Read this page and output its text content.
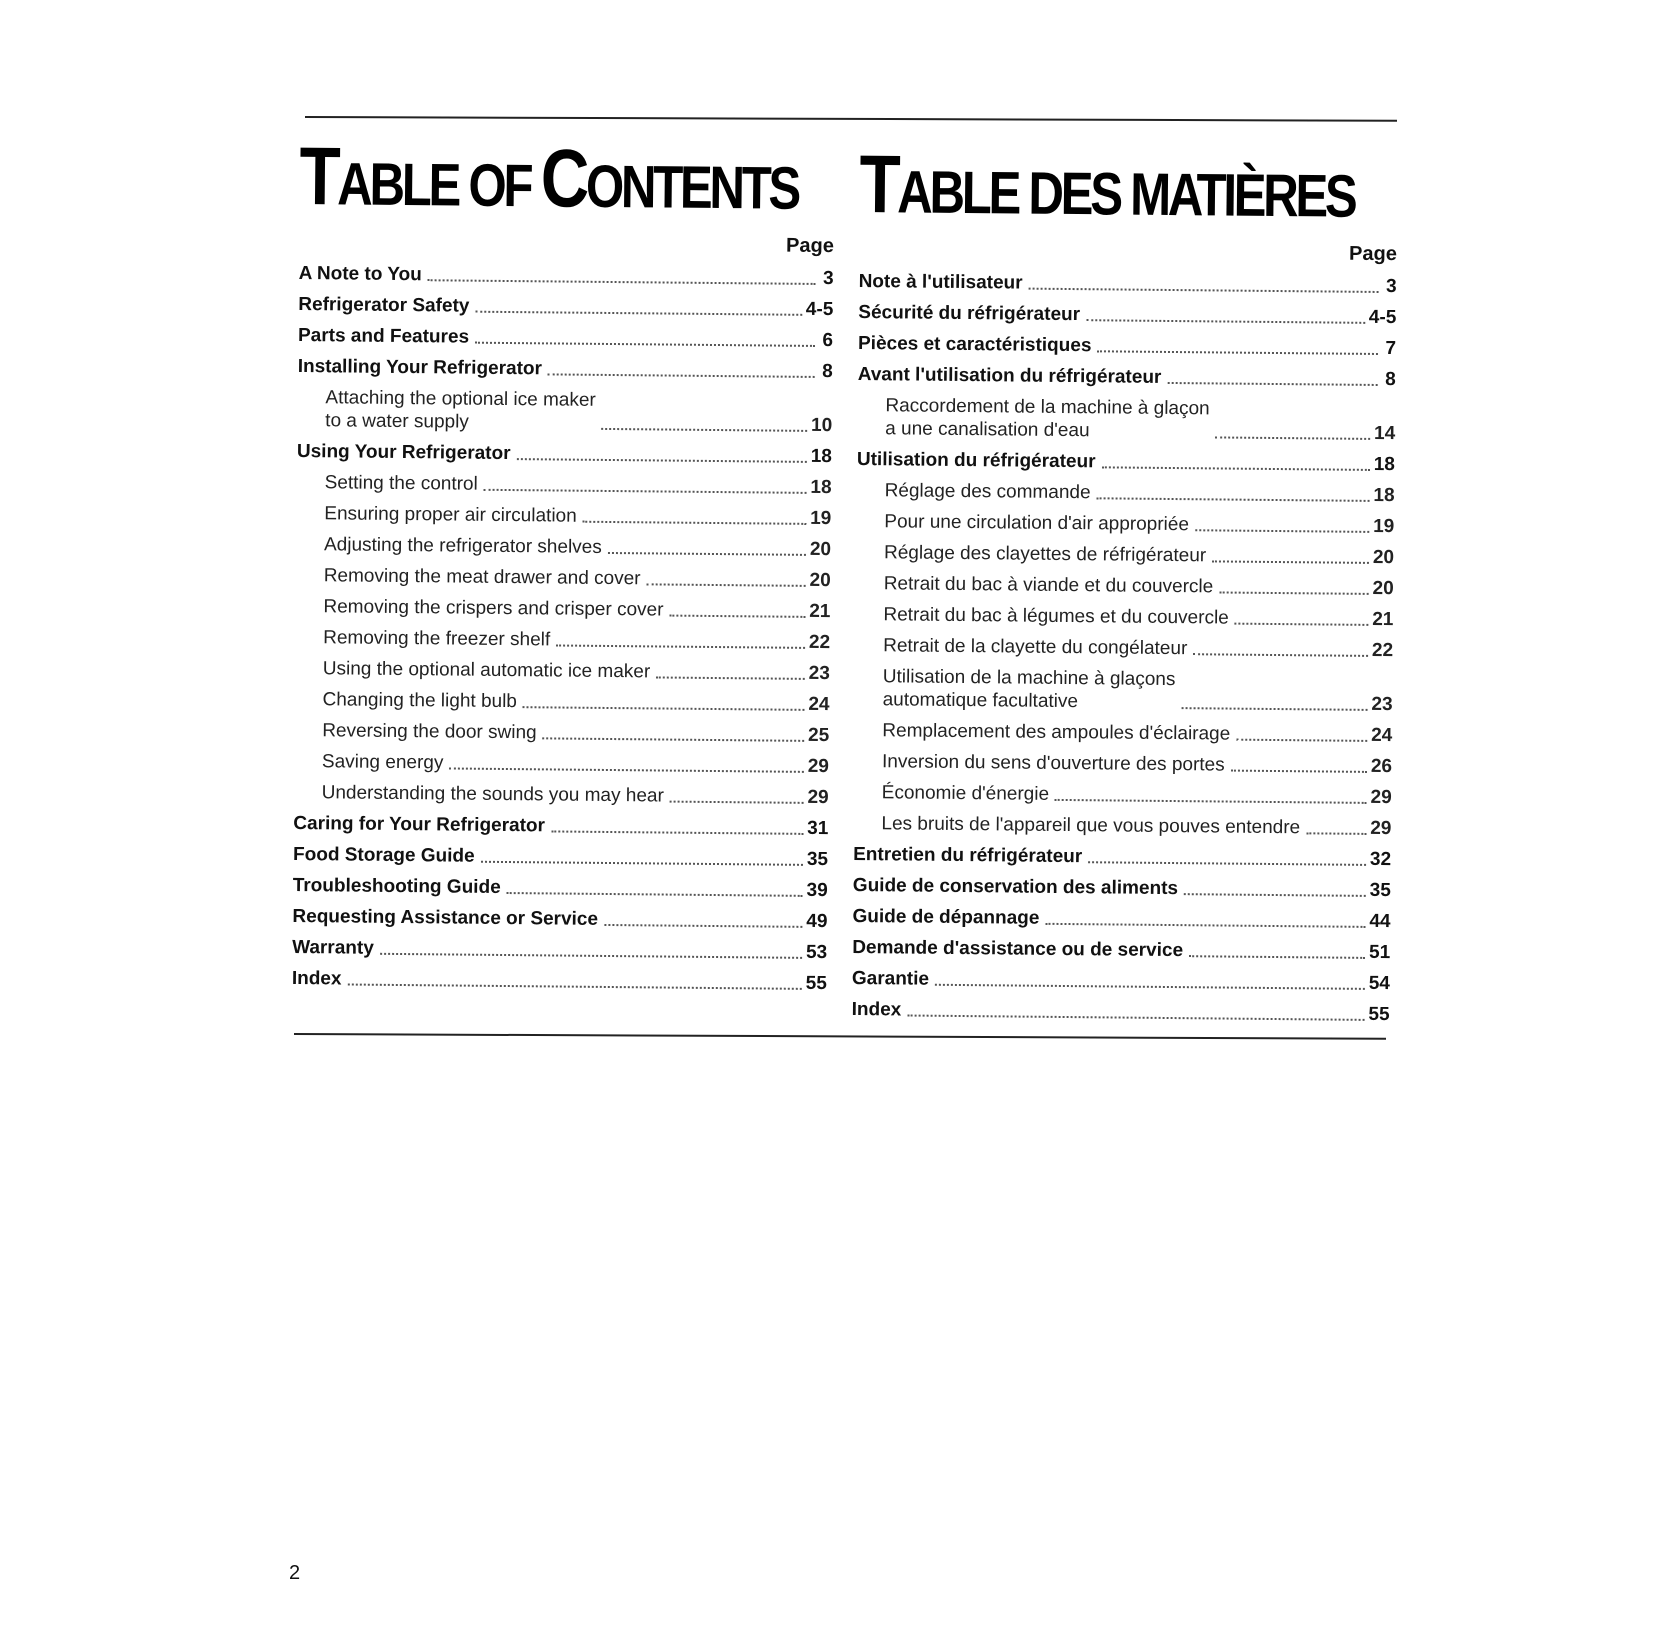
TABLE OF CONTENTS
Page
A Note to You	3
Refrigerator Safety	4-5
Parts and Features	6
Installing Your Refrigerator	8
Attaching the optional ice maker
to a water supply	10
Using Your Refrigerator	18
Setting the control	18
Ensuring proper air circulation	19
Adjusting the refrigerator shelves	20
Removing the meat drawer and cover	20
Removing the crispers and crisper cover	21
Removing the freezer shelf	22
Using the optional automatic ice maker	23
Changing the light bulb	24
Reversing the door swing	25
Saving energy	29
Understanding the sounds you may hear	29
Caring for Your Refrigerator	31
Food Storage Guide	35
Troubleshooting Guide	39
Requesting Assistance or Service	49
Warranty	53
Index	55
TABLE DES MATIÈRES
Page
Note à l'utilisateur	3
Sécurité du réfrigérateur	4-5
Pièces et caractéristiques	7
Avant l'utilisation du réfrigérateur	8
Raccordement de la machine à glaçon
a une canalisation d'eau	14
Utilisation du réfrigérateur	18
Réglage des commande	18
Pour une circulation d'air appropriée	19
Réglage des clayettes de réfrigérateur	20
Retrait du bac à viande et du couvercle	20
Retrait du bac à légumes et du couvercle	21
Retrait de la clayette du congélateur	22
Utilisation de la machine à glaçons
automatique facultative	23
Remplacement des ampoules d'éclairage	24
Inversion du sens d'ouverture des portes	26
Économie d'énergie	29
Les bruits de l'appareil que vous pouves entendre	29
Entretien du réfrigérateur	32
Guide de conservation des aliments	35
Guide de dépannage	44
Demande d'assistance ou de service	51
Garantie	54
Index	55
2
